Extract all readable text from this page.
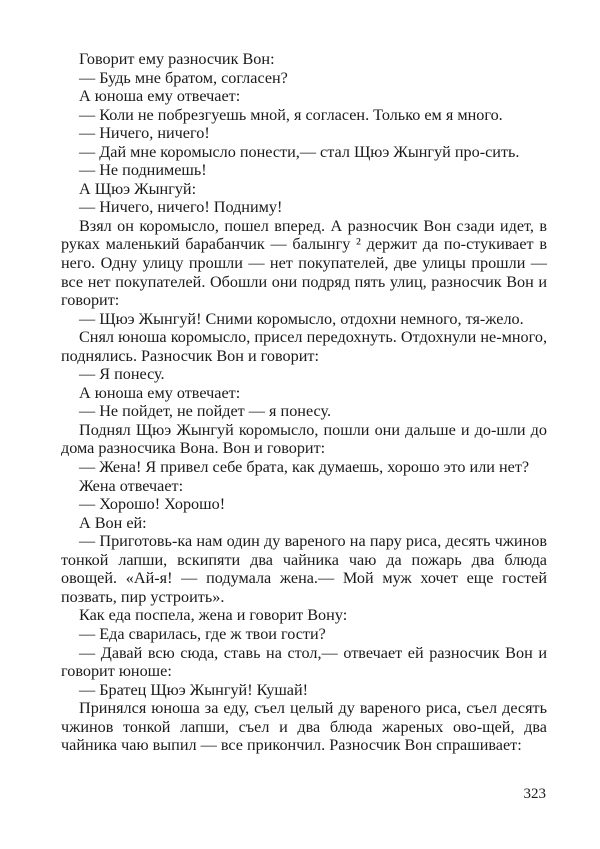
Говорит ему разносчик Вон:

— Будь мне братом, согласен?

А юноша ему отвечает:

— Коли не побрезгуешь мной, я согласен. Только ем я много.

— Ничего, ничего!

— Дай мне коромысло понести,— стал Щюэ Жынгуй про-сить.

— Не поднимешь!

А Щюэ Жынгуй:

— Ничего, ничего! Подниму!

Взял он коромысло, пошел вперед. А разносчик Вон сзади идет, в руках маленький барабанчик — балынгу ² держит да по-стукивает в него. Одну улицу прошли — нет покупателей, две улицы прошли — все нет покупателей. Обошли они подряд пять улиц, разносчик Вон и говорит:

— Щюэ Жынгуй! Сними коромысло, отдохни немного, тя-жело.

Снял юноша коромысло, присел передохнуть. Отдохнули не-много, поднялись. Разносчик Вон и говорит:

— Я понесу.

А юноша ему отвечает:

— Не пойдет, не пойдет — я понесу.

Поднял Щюэ Жынгуй коромысло, пошли они дальше и до-шли до дома разносчика Вона. Вон и говорит:

— Жена! Я привел себе брата, как думаешь, хорошо это или нет?

Жена отвечает:

— Хорошо! Хорошо!

А Вон ей:

— Приготовь-ка нам один ду вареного на пару риса, десять чжинов тонкой лапши, вскипяти два чайника чаю да пожарь два блюда овощей. «Ай-я! — подумала жена.— Мой муж хочет еще гостей позвать, пир устроить».

Как еда поспела, жена и говорит Вону:

— Еда сварилась, где ж твои гости?

— Давай всю сюда, ставь на стол,— отвечает ей разносчик Вон и говорит юноше:

— Братец Щюэ Жынгуй! Кушай!

Принялся юноша за еду, съел целый ду вареного риса, съел десять чжинов тонкой лапши, съел и два блюда жареных ово-щей, два чайника чаю выпил — все прикончил. Разносчик Вон спрашивает:

323
